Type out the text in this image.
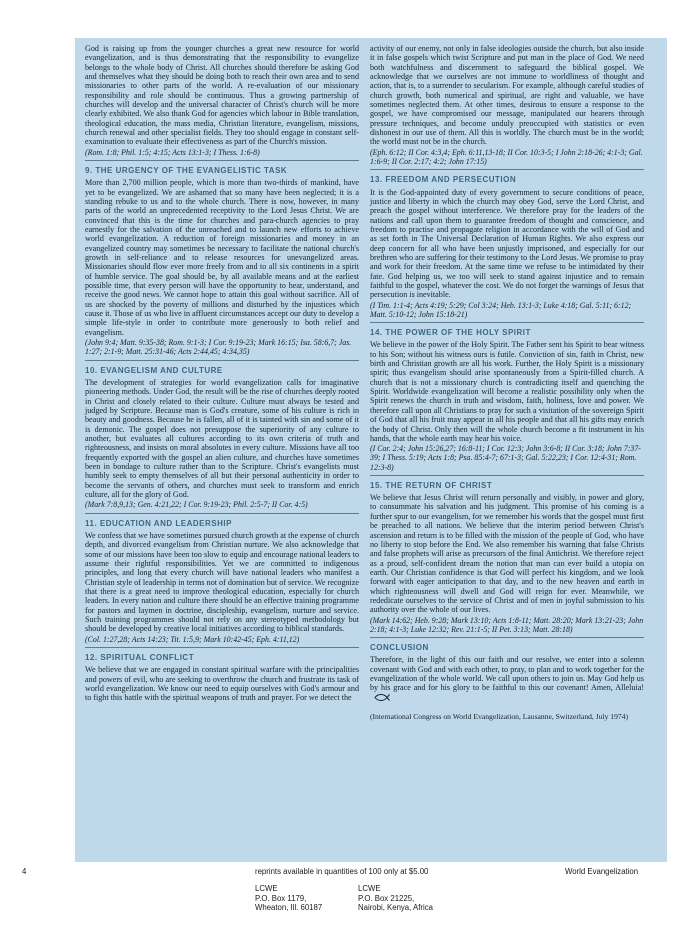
God is raising up from the younger churches a great new resource for world evangelization, and is thus demonstrating that the responsibility to evangelize belongs to the whole body of Christ. All churches should therefore be asking God and themselves what they should be doing both to reach their own area and to send missionaries to other parts of the world. A re-evaluation of our missionary responsibility and role should be continuous. Thus a growing partnership of churches will develop and the universal character of Christ's church will be more clearly exhibited. We also thank God for agencies which labour in Bible translation, theological education, the mass media, Christian literature, evangelism, missions, church renewal and other specialist fields. They too should engage in constant self-examination to evaluate their effectiveness as part of the Church's mission.

(Rom. 1:8; Phil. 1:5; 4:15; Acts 13:1-3; I Thess. 1:6-8)

9. THE URGENCY OF THE EVANGELISTIC TASK

More than 2,700 million people, which is more than two-thirds of mankind, have yet to be evangelized. We are ashamed that so many have been neglected; it is a standing rebuke to us and to the whole church. There is now, however, in many parts of the world an unprecedented receptivity to the Lord Jesus Christ. We are convinced that this is the time for churches and para-church agencies to pray earnestly for the salvation of the unreached and to launch new efforts to achieve world evangelization. A reduction of foreign missionaries and money in an evangelized country may sometimes be necessary to facilitate the national church's growth in self-reliance and to release resources for unevangelized areas. Missionaries should flow ever more freely from and to all six continents in a spirit of humble service. The goal should be, by all available means and at the earliest possible time, that every person will have the opportunity to hear, understand, and receive the good news. We cannot hope to attain this goal without sacrifice. All of us are shocked by the poverty of millions and disturbed by the injustices which cause it. Those of us who live in affluent circumstances accept our duty to develop a simple life-style in order to contribute more generously to both relief and evangelism.

(John 9:4; Matt. 9:35-38; Rom. 9:1-3; I Cor. 9:19-23; Mark 16:15; Isa. 58:6,7; Jas. 1:27; 2:1-9; Matt. 25:31-46; Acts 2:44,45; 4:34,35)

10. EVANGELISM AND CULTURE

The development of strategies for world evangelization calls for imaginative pioneering methods. Under God, the result will be the rise of churches deeply rooted in Christ and closely related to their culture. Culture must always be tested and judged by Scripture. Because man is God's creature, some of his culture is rich in beauty and goodness. Because he is fallen, all of it is tainted with sin and some of it is demonic. The gospel does not presuppose the superiority of any culture to another, but evaluates all cultures according to its own criteria of truth and righteousness, and insists on moral absolutes in every culture. Missions have all too frequently exported with the gospel an alien culture, and churches have sometimes been in bondage to culture rather than to the Scripture. Christ's evangelists must humbly seek to empty themselves of all but their personal authenticity in order to become the servants of others, and churches must seek to transform and enrich culture, all for the glory of God.

(Mark 7:8,9,13; Gen. 4:21,22; I Cor. 9:19-23; Phil. 2:5-7; II Cor. 4:5)

11. EDUCATION AND LEADERSHIP

We confess that we have sometimes pursued church growth at the expense of church depth, and divorced evangelism from Christian nurture. We also acknowledge that some of our missions have been too slow to equip and encourage national leaders to assume their rightful responsibilities. Yet we are committed to indigenous principles, and long that every church will have national leaders who manifest a Christian style of leadership in terms not of domination but of service. We recognize that there is a great need to improve theological education, especially for church leaders. In every nation and culture there should be an effective training programme for pastors and laymen in doctrine, discipleship, evangelism, nurture and service. Such training programmes should not rely on any stereotyped methodology but should be developed by creative local initiatives according to biblical standards.

(Col. 1:27,28; Acts 14:23; Tit. 1:5,9; Mark 10:42-45; Eph. 4:11,12)

12. SPIRITUAL CONFLICT

We believe that we are engaged in constant spiritual warfare with the principalities and powers of evil, who are seeking to overthrow the church and frustrate its task of world evangelization. We know our need to equip ourselves with God's armour and to fight this battle with the spiritual weapons of truth and prayer. For we detect the

activity of our enemy, not only in false ideologies outside the church, but also inside it in false gospels which twist Scripture and put man in the place of God. We need both watchfulness and discernment to safeguard the biblical gospel. We acknowledge that we ourselves are not immune to worldliness of thought and action, that is, to a surrender to secularism. For example, although careful studies of church growth, both numerical and spiritual, are right and valuable, we have sometimes neglected them. At other times, desirous to ensure a response to the gospel, we have compromised our message, manipulated our hearers through pressure techniques, and become unduly preoccupied with statistics or even dishonest in our use of them. All this is worldly. The church must be in the world; the world must not be in the church.

(Eph. 6:12; II Cor. 4:3,4; Eph. 6:11,13-18; II Cor. 10:3-5; I John 2:18-26; 4:1-3; Gal. 1:6-9; II Cor. 2:17; 4:2; John 17:15)

13. FREEDOM AND PERSECUTION

It is the God-appointed duty of every government to secure conditions of peace, justice and liberty in which the church may obey God, serve the Lord Christ, and preach the gospel without interference. We therefore pray for the leaders of the nations and call upon them to guarantee freedom of thought and conscience, and freedom to practise and propagate religion in accordance with the will of God and as set forth in The Universal Declaration of Human Rights. We also express our deep concern for all who have been unjustly imprisoned, and especially for our brethren who are suffering for their testimony to the Lord Jesus. We promise to pray and work for their freedom. At the same time we refuse to be intimidated by their fate. God helping us, we too will seek to stand against injustice and to remain faithful to the gospel, whatever the cost. We do not forget the warnings of Jesus that persecution is inevitable.

(I Tim. 1:1-4; Acts 4:19; 5:29; Col 3:24; Heb. 13:1-3; Luke 4:18; Gal. 5:11; 6:12; Matt. 5:10-12; John 15:18-21)

14. THE POWER OF THE HOLY SPIRIT

We believe in the power of the Holy Spirit. The Father sent his Spirit to bear witness to his Son; without his witness ours is futile. Conviction of sin, faith in Christ, new birth and Christian growth are all his work. Further, the Holy Spirit is a missionary spirit; thus evangelism should arise spontaneously from a Spirit-filled church. A church that is not a missionary church is contradicting itself and quenching the Spirit. Worldwide evangelization will become a realistic possibility only when the Spirit renews the church in truth and wisdom, faith, holiness, love and power. We therefore call upon all Christians to pray for such a visitation of the sovereign Spirit of God that all his fruit may appear in all his people and that all his gifts may enrich the body of Christ. Only then will the whole church become a fit instrument in his hands, that the whole earth may hear his voice.

(I Cor. 2:4; John 15:26,27; 16:8-11; I Cor. 12:3; John 3:6-8; II Cor. 3:18; John 7:37-39; I Thess. 5:19; Acts 1:8; Psa. 85:4-7; 67:1-3; Gal. 5:22,23; I Cor. 12:4-31; Rom. 12:3-8)

15. THE RETURN OF CHRIST

We believe that Jesus Christ will return personally and visibly, in power and glory, to consummate his salvation and his judgment. This promise of his coming is a further spur to our evangelism, for we remember his words that the gospel must first be preached to all nations. We believe that the interim period between Christ's ascension and return is to be filled with the mission of the people of God, who have no liberty to stop before the End. We also remember his warning that false Christs and false prophets will arise as precursors of the final Antichrist. We therefore reject as a proud, self-confident dream the notion that man can ever build a utopia on earth. Our Christian confidence is that God will perfect his kingdom, and we look forward with eager anticipation to that day, and to the new heaven and earth in which righteousness will dwell and God will reign for ever. Meanwhile, we rededicate ourselves to the service of Christ and of men in joyful submission to his authority over the whole of our lives.

(Mark 14:62; Heb. 9:28; Mark 13:10; Acts 1:8-11; Matt. 28:20; Mark 13:21-23; John 2:18; 4:1-3; Luke 12:32; Rev. 21:1-5; II Pet. 3:13; Matt. 28:18)

CONCLUSION

Therefore, in the light of this our faith and our resolve, we enter into a solemn covenant with God and with each other, to pray, to plan and to work together for the evangelization of the whole world. We call upon others to join us. May God help us by his grace and for his glory to be faithful to this our covenant! Amen, Alleluia!

(International Congress on World Evangelization, Lausanne, Switzerland, July 1974)

4	reprints available in quantities of 100 only at $5.00	World Evangelization
LCWE
P.O. Box 1179,
Wheaton, Ill. 60187
LCWE
P.O. Box 21225,
Nairobi, Kenya, Africa
